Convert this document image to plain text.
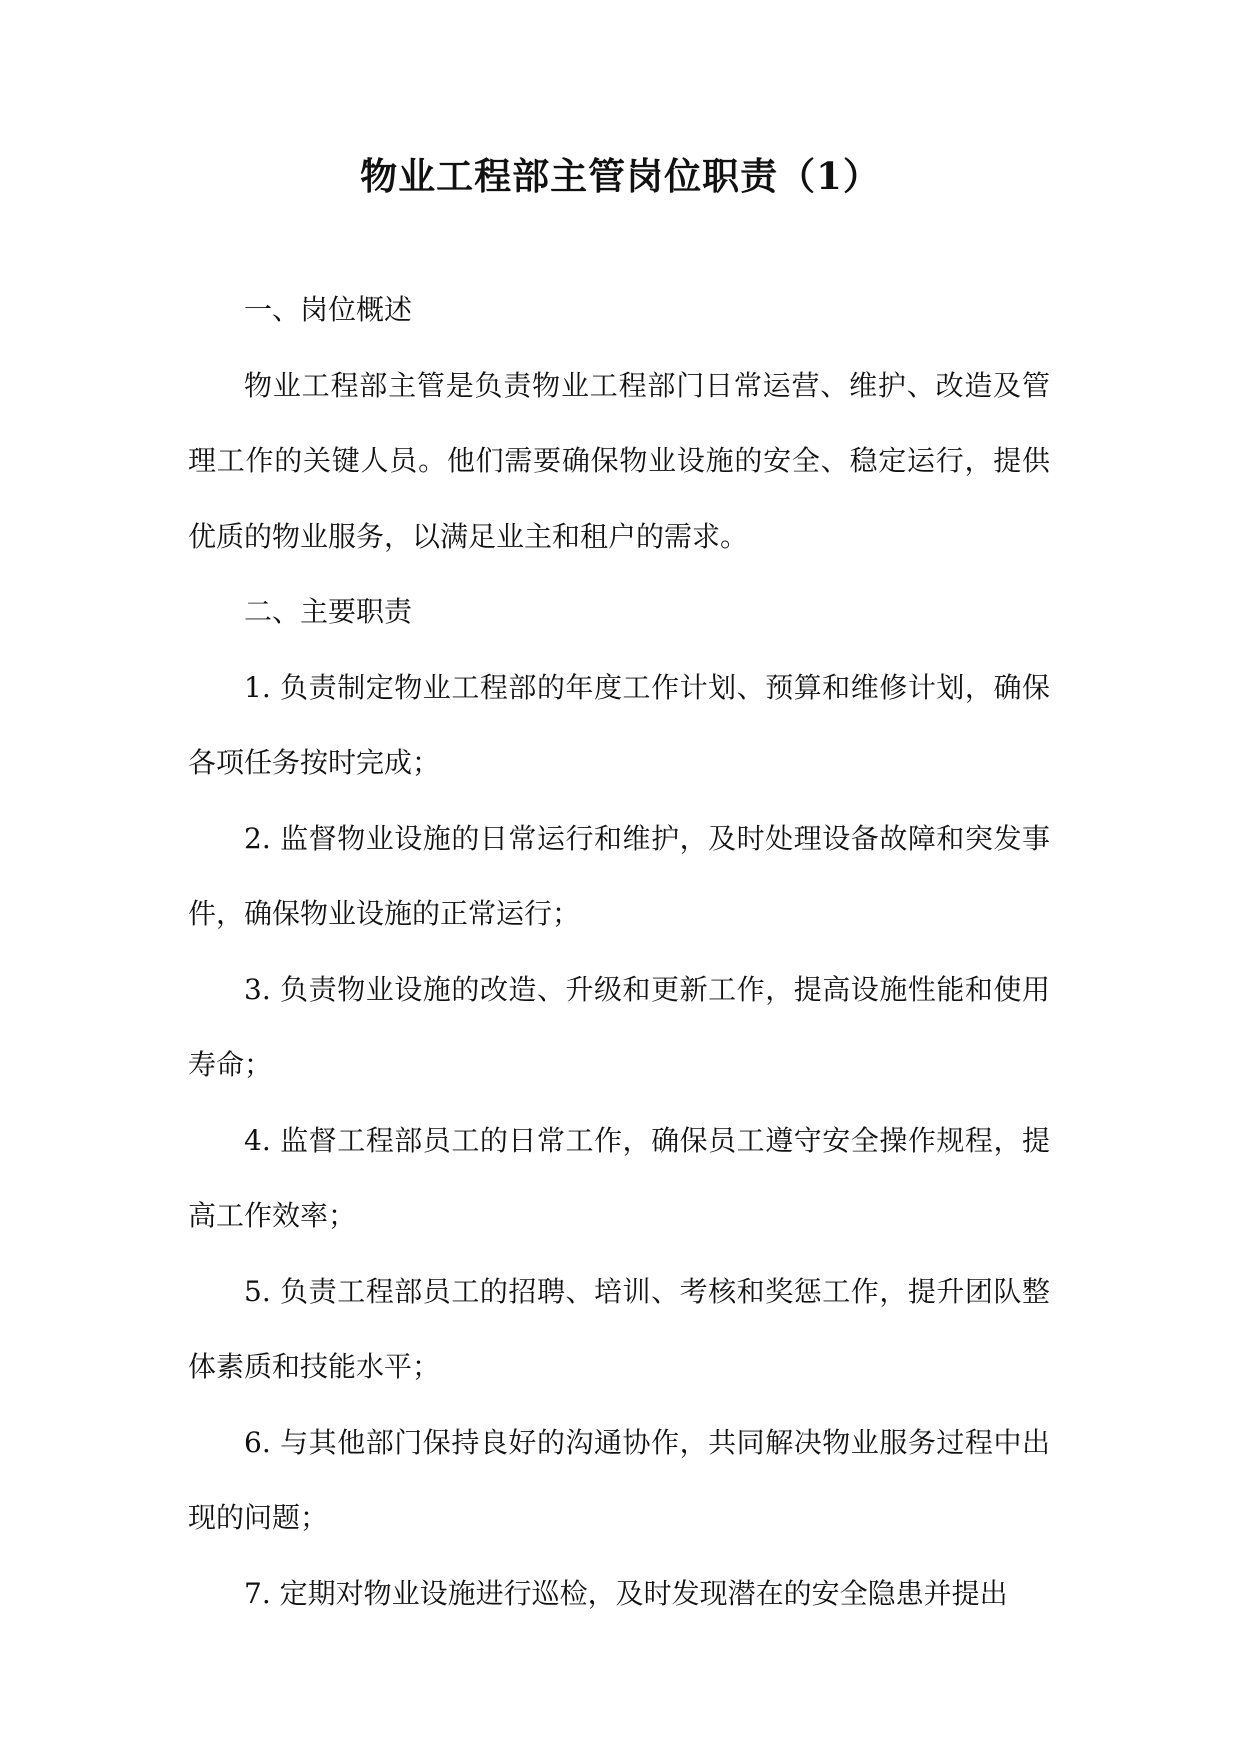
物业工程部主管岗位职责（1）

一、岗位概述

物业工程部主管是负责物业工程部门日常运营、维护、改造及管理工作的关键人员。他们需要确保物业设施的安全、稳定运行，提供优质的物业服务，以满足业主和租户的需求。

二、主要职责

1. 负责制定物业工程部的年度工作计划、预算和维修计划，确保各项任务按时完成；

2. 监督物业设施的日常运行和维护，及时处理设备故障和突发事件，确保物业设施的正常运行；

3. 负责物业设施的改造、升级和更新工作，提高设施性能和使用寿命；

4. 监督工程部员工的日常工作，确保员工遵守安全操作规程，提高工作效率；

5. 负责工程部员工的招聘、培训、考核和奖惩工作，提升团队整体素质和技能水平；

6. 与其他部门保持良好的沟通协作，共同解决物业服务过程中出现的问题；

7. 定期对物业设施进行巡检，及时发现潜在的安全隐患并提出
